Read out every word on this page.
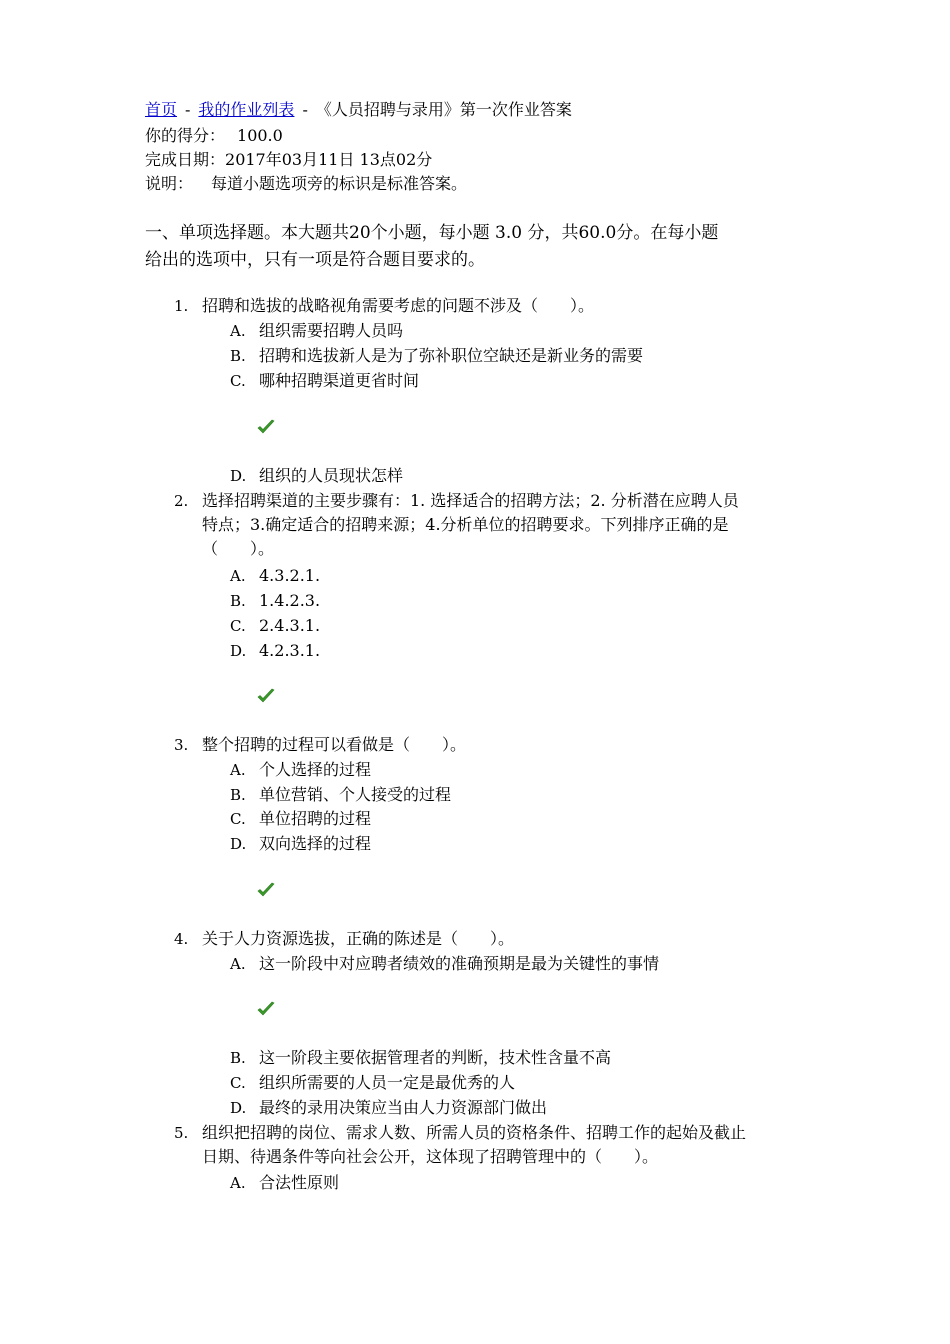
首页 - 我的作业列表 - 《人员招聘与录用》第一次作业答案
你的得分： 100.0
完成日期：2017年03月11日 13点02分
说明： 每道小题选项旁的标识是标准答案。
一、单项选择题。本大题共20个小题，每小题 3.0 分，共60.0分。在每小题
给出的选项中，只有一项是符合题目要求的。
1. 招聘和选拔的战略视角需要考虑的问题不涉及（　　）。
A. 组织需要招聘人员吗
B. 招聘和选拔新人是为了弥补职位空缺还是新业务的需要
C. 哪种招聘渠道更省时间
D. 组织的人员现状怎样
2. 选择招聘渠道的主要步骤有：1. 选择适合的招聘方法；2. 分析潜在应聘人员
特点；3.确定适合的招聘来源；4.分析单位的招聘要求。下列排序正确的是
（　　）。
A. 4.3.2.1.
B. 1.4.2.3.
C. 2.4.3.1.
D. 4.2.3.1.
3. 整个招聘的过程可以看做是（　　）。
A. 个人选择的过程
B. 单位营销、个人接受的过程
C. 单位招聘的过程
D. 双向选择的过程
4. 关于人力资源选拔，正确的陈述是（　　）。
A. 这一阶段中对应聘者绩效的准确预期是最为关键性的事情
B. 这一阶段主要依据管理者的判断，技术性含量不高
C. 组织所需要的人员一定是最优秀的人
D. 最终的录用决策应当由人力资源部门做出
5. 组织把招聘的岗位、需求人数、所需人员的资格条件、招聘工作的起始及截止
日期、待遇条件等向社会公开，这体现了招聘管理中的（　　）。
A. 合法性原则
